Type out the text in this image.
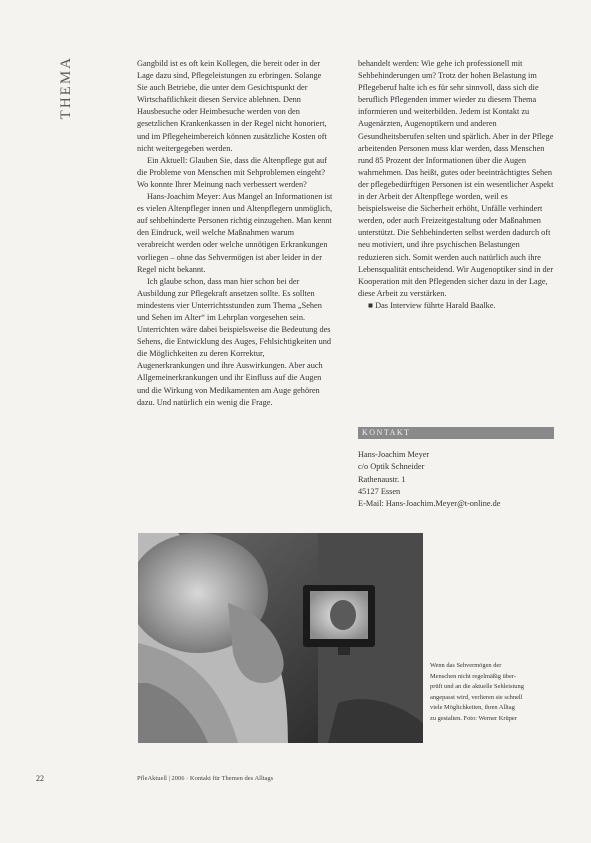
THEMA	Gangbild ist es oft kein Kollegen, die bereit oder in der Lage dazu sind, Pflegeleistungen zu erbringen. Solange Sie auch Betriebe, die unter dem Gesichtspunkt der Wirtschaftlichkeit diesen Service ablehnen. Denn Hausbesuche oder Heimbesuche werden von den gesetzlichen Krankenkassen in der Regel nicht honoriert, und im Pflegeheimbereich können zusätzliche Kosten oft nicht weitergegeben werden.

Ein Aktuell: Glauben Sie, dass die Altenpflege gut auf die Probleme von Menschen mit Sehproblemen eingeht? Wo konnte Ihrer Meinung nach verbessert werden?

Hans-Joachim Meyer: Aus Mangel an Informationen ist es vielen Altenpfleger innen und Altenpflegern unmöglich, auf sehbehinderte Personen richtig einzugehen. Man kennt den Eindruck, weil welche Maßnahmen warum verabreicht werden oder welche unnötigen Erkrankungen vorliegen – ohne das Sehvermögen ist aber leider in der Regel nicht bekannt.

Ich glaube schon, dass man hier schon bei der Ausbildung zur Pflegekraft ansetzen sollte. Es sollten mindestens vier Unterrichtsstunden zum Thema „Sehen und Sehen im Alter“ im Lehrplan vorgesehen sein. Unterrichten wäre dabei beispielsweise die Bedeutung des Sehens, die Entwicklung des Auges, Fehlsichtigkeiten und die Möglichkeiten zu deren Korrektur, Augenerkrankungen und ihre Auswirkungen. Aber auch Allgemeinerkrankungen und ihr Einfluss auf die Augen und die Wirkung von Medikamenten am Auge gehören dazu. Und natürlich ein wenig die Frage.

behandelt werden: Wie gehe ich professionell mit Sehbehinderungen um? Trotz der hohen Belastung im Pflegeberuf halte ich es für sehr sinnvoll, dass sich die beruflich Pflegenden immer wieder zu diesem Thema informieren und weiterbilden. Jedem ist Kontakt zu Augenärzten, Augenoptikern und anderen Gesundheitsberufen selten und spärlich. Aber in der Pflege arbeitenden Personen muss klar werden, dass Menschen rund 85 Prozent der Informationen über die Augen wahrnehmen. Das heißt, gutes oder beeinträchtigtes Sehen der pflegebedürftigen Personen ist ein wesentlicher Aspekt in der Arbeit der Altenpflege worden, weil es beispielsweise die Sicherheit erhöht, Unfälle verhindert werden, oder auch Freizeitgestaltung oder Maßnahmen unterstützt. Die Sehbehinderten selbst werden dadurch oft neu motiviert, und ihre psychischen Belastungen reduzieren sich. Somit werden auch natürlich auch ihre Lebensqualität entscheidend. Wir Augenoptiker sind in der Kooperation mit den Pflegenden sicher dazu in der Lage, diese Arbeit zu verstärken.

■ Das Interview führte Harald Baalke.

KONTAKT
Hans-Joachim Meyer
c/o Optik Schneider
Rathenaustr. 1
45127 Essen
E-Mail: Hans-Joachim.Meyer@t-online.de
Wenn das Sehvermögen der
Menschen nicht regelmäßig über-
prüft und an die aktuelle Sehleistung
angepasst wird, verlieren sie schnell
viele Möglichkeiten, ihren Alltag
zu gestalten. Foto: Werner Krüper
22	PfleAktuell | 2006 · Kontakt für Themen des Alltags
